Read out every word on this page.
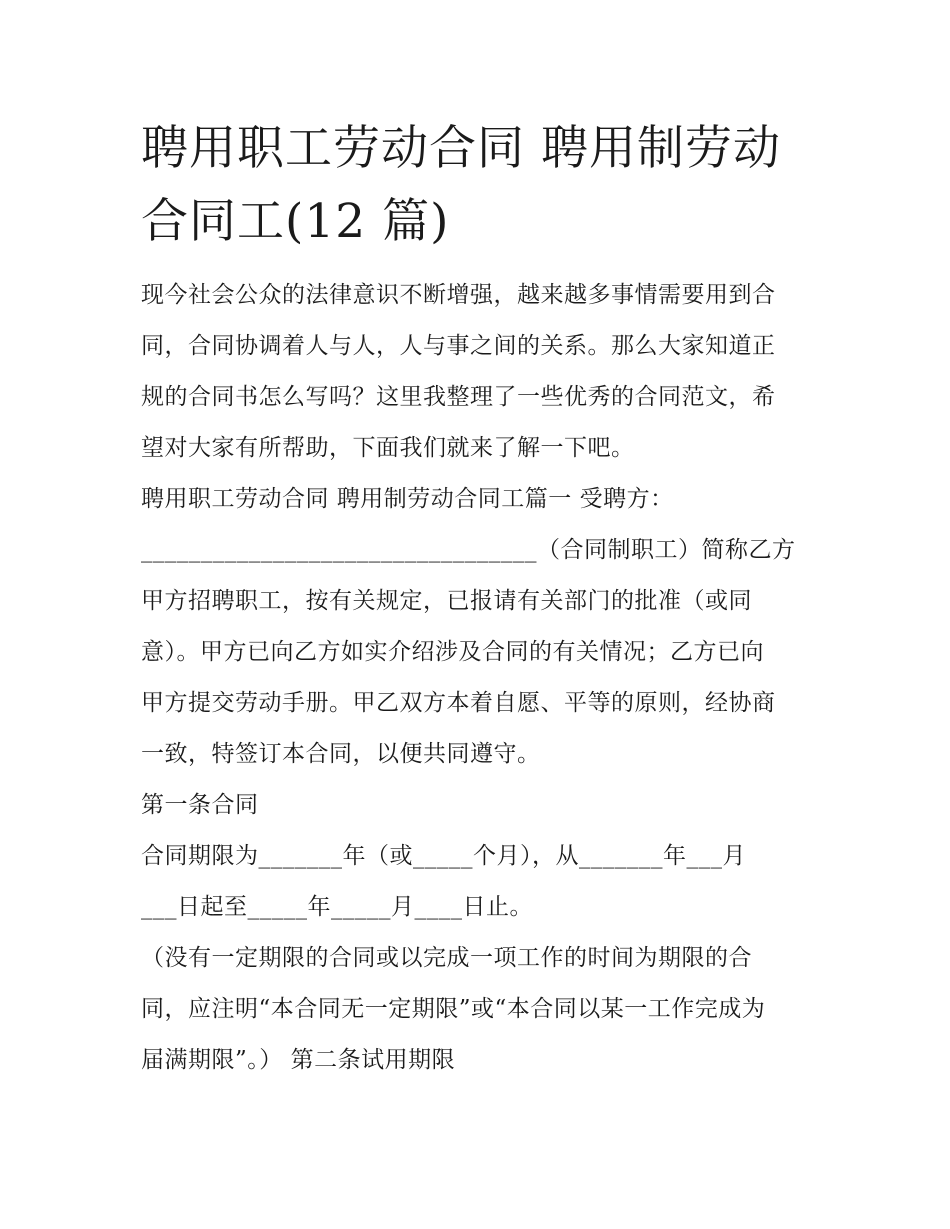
聘用职工劳动合同 聘用制劳动
合同工(12 篇)

现今社会公众的法律意识不断增强，越来越多事情需要用到合
同，合同协调着人与人，人与事之间的关系。那么大家知道正
规的合同书怎么写吗？这里我整理了一些优秀的合同范文，希
望对大家有所帮助，下面我们就来了解一下吧。

聘用职工劳动合同 聘用制劳动合同工篇一 受聘方：

_________________________________（合同制职工）简称乙方

甲方招聘职工，按有关规定，已报请有关部门的批准（或同
意）。甲方已向乙方如实介绍涉及合同的有关情况；乙方已向
甲方提交劳动手册。甲乙双方本着自愿、平等的原则，经协商
一致，特签订本合同，以便共同遵守。

第一条合同

合同期限为_______年（或_____个月），从_______年___月
___日起至_____年_____月____日止。

（没有一定期限的合同或以完成一项工作的时间为期限的合
同，应注明“本合同无一定期限”或“本合同以某一工作完成为
届满期限”。） 第二条试用期限
